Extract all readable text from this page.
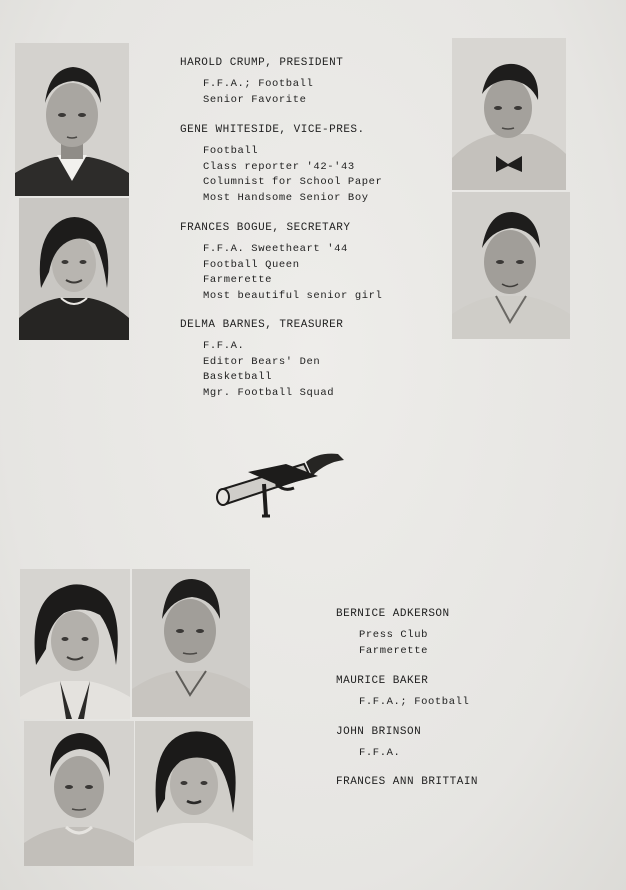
HAROLD CRUMP, PRESIDENT
F.F.A.; Football
Senior Favorite
GENE WHITESIDE, VICE-PRES.
Football
Class reporter '42-'43
Columnist for School Paper
Most Handsome Senior Boy
FRANCES BOGUE, SECRETARY
F.F.A. Sweetheart '44
Football Queen
Farmerette
Most beautiful senior girl
DELMA BARNES, TREASURER
F.F.A.
Editor Bears' Den
Basketball
Mgr. Football Squad
BERNICE ADKERSON
Press Club
Farmerette
MAURICE BAKER
F.F.A.; Football
JOHN BRINSON
F.F.A.
FRANCES ANN BRITTAIN
